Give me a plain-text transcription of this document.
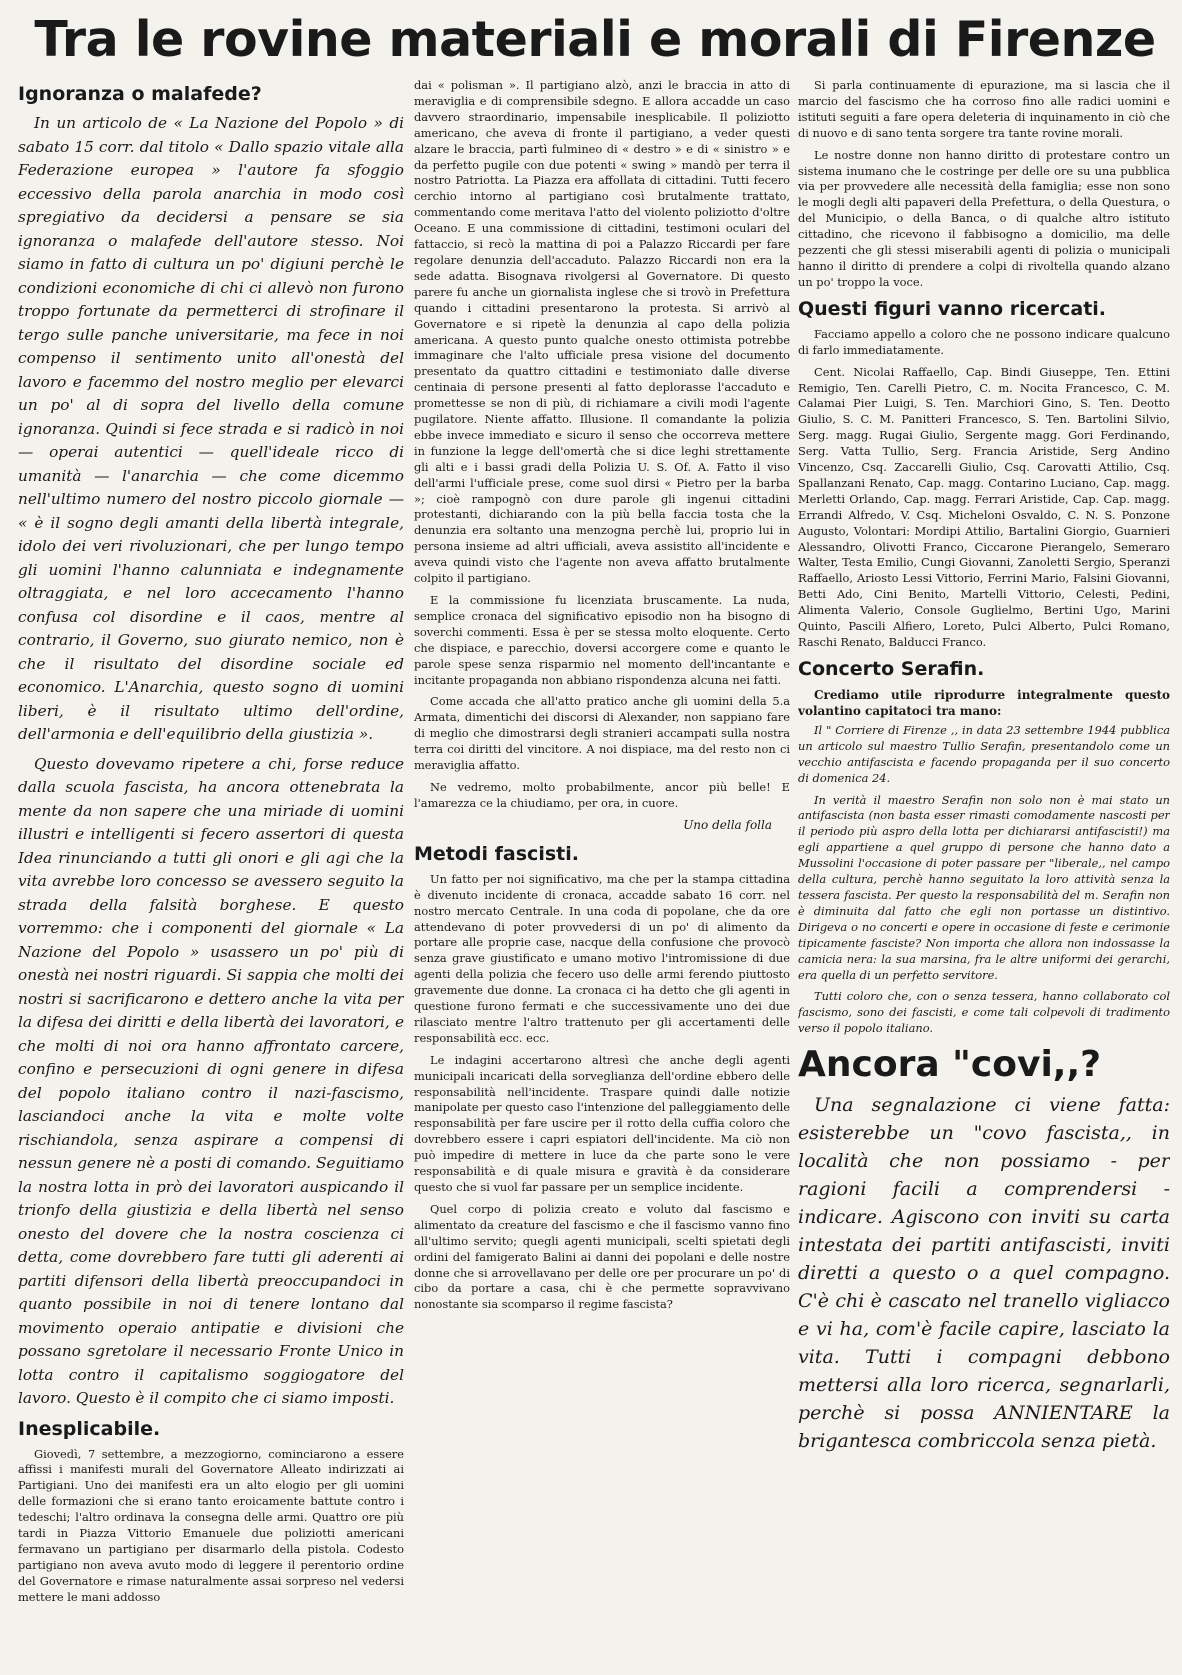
Tra le rovine materiali e morali di Firenze
Ignoranza o malafede?

In un articolo de « La Nazione del Popolo » di sabato 15 corr. dal titolo « Dallo spazio vitale alla Federazione europea » l'autore fa sfoggio eccessivo della parola anarchia in modo così spregiativo da decidersi a pensare se sia ignoranza o malafede dell'autore stesso. Noi siamo in fatto di cultura un po' digiuni perchè le condizioni economiche di chi ci allevò non furono troppo fortunate da permetterci di strofinare il tergo sulle panche universitarie, ma fece in noi compenso il sentimento unito all'onestà del lavoro e facemmo del nostro meglio per elevarci un po' al di sopra del livello della comune ignoranza. Quindi si fece strada e si radicò in noi — operai autentici — quell'ideale ricco di umanità — l'anarchia — che come dicemmo nell'ultimo numero del nostro piccolo giornale — « è il sogno degli amanti della libertà integrale, idolo dei veri rivoluzionari, che per lungo tempo gli uomini l'hanno calunniata e indegnamente oltraggiata, e nel loro accecamento l'hanno confusa col disordine e il caos, mentre al contrario, il Governo, suo giurato nemico, non è che il risultato del disordine sociale ed economico. L'Anarchia, questo sogno di uomini liberi, è il risultato ultimo dell'ordine, dell'armonia e dell'equilibrio della giustizia ».

Questo dovevamo ripetere a chi, forse reduce dalla scuola fascista, ha ancora ottenebrata la mente da non sapere che una miriade di uomini illustri e intelligenti si fecero assertori di questa Idea rinunciando a tutti gli onori e gli agi che la vita avrebbe loro concesso se avessero seguito la strada della falsità borghese. E questo vorremmo: che i componenti del giornale « La Nazione del Popolo » usassero un po' più di onestà nei nostri riguardi. Si sappia che molti dei nostri si sacrificarono e dettero anche la vita per la difesa dei diritti e della libertà dei lavoratori, e che molti di noi ora hanno affrontato carcere, confino e persecuzioni di ogni genere in difesa del popolo italiano contro il nazi-fascismo, lasciandoci anche la vita e molte volte rischiandola, senza aspirare a compensi di nessun genere nè a posti di comando. Seguitiamo la nostra lotta in prò dei lavoratori auspicando il trionfo della giustizia e della libertà nel senso onesto del dovere che la nostra coscienza ci detta, come dovrebbero fare tutti gli aderenti ai partiti difensori della libertà preoccupandoci in quanto possibile in noi di tenere lontano dal movimento operaio antipatie e divisioni che possano sgretolare il necessario Fronte Unico in lotta contro il capitalismo soggiogatore del lavoro. Questo è il compito che ci siamo imposti.

Inesplicabile.

Giovedì, 7 settembre, a mezzogiorno, cominciarono a essere affissi i manifesti murali del Governatore Alleato indirizzati ai Partigiani. Uno dei manifesti era un alto elogio per gli uomini delle formazioni che si erano tanto eroicamente battute contro i tedeschi; l'altro ordinava la consegna delle armi. Quattro ore più tardi in Piazza Vittorio Emanuele due poliziotti americani fermavano un partigiano per disarmarlo della pistola. Codesto partigiano non aveva avuto modo di leggere il perentorio ordine del Governatore e rimase naturalmente assai sorpreso nel vedersi mettere le mani addosso

dai « polisman ». Il partigiano alzò, anzi le braccia in atto di meraviglia e di comprensibile sdegno. E allora accadde un caso davvero straordinario, impensabile inesplicabile. Il poliziotto americano, che aveva di fronte il partigiano, a veder questi alzare le braccia, partì fulmineo di « destro » e di « sinistro » e da perfetto pugile con due potenti « swing » mandò per terra il nostro Patriotta. La Piazza era affollata di cittadini. Tutti fecero cerchio intorno al partigiano così brutalmente trattato, commentando come meritava l'atto del violento poliziotto d'oltre Oceano. E una commissione di cittadini, testimoni oculari del fattaccio, si recò la mattina di poi a Palazzo Riccardi per fare regolare denunzia dell'accaduto. Palazzo Riccardi non era la sede adatta. Bisognava rivolgersi al Governatore. Di questo parere fu anche un giornalista inglese che si trovò in Prefettura quando i cittadini presentarono la protesta. Si arrivò al Governatore e si ripetè la denunzia al capo della polizia americana. A questo punto qualche onesto ottimista potrebbe immaginare che l'alto ufficiale presa visione del documento presentato da quattro cittadini e testimoniato dalle diverse centinaia di persone presenti al fatto deplorasse l'accaduto e promettesse se non di più, di richiamare a civili modi l'agente pugilatore. Niente affatto. Illusione. Il comandante la polizia ebbe invece immediato e sicuro il senso che occorreva mettere in funzione la legge dell'omertà che si dice leghi strettamente gli alti e i bassi gradi della Polizia U. S. Of. A. Fatto il viso dell'armi l'ufficiale prese, come suol dirsi « Pietro per la barba »; cioè rampognò con dure parole gli ingenui cittadini protestanti, dichiarando con la più bella faccia tosta che la denunzia era soltanto una menzogna perchè lui, proprio lui in persona insieme ad altri ufficiali, aveva assistito all'incidente e aveva quindi visto che l'agente non aveva affatto brutalmente colpito il partigiano.

E la commissione fu licenziata bruscamente. La nuda, semplice cronaca del significativo episodio non ha bisogno di soverchi commenti. Essa è per se stessa molto eloquente. Certo che dispiace, e parecchio, doversi accorgere come e quanto le parole spese senza risparmio nel momento dell'incantante e incitante propaganda non abbiano rispondenza alcuna nei fatti.

Come accada che all'atto pratico anche gli uomini della 5.a Armata, dimentichi dei discorsi di Alexander, non sappiano fare di meglio che dimostrarsi degli stranieri accampati sulla nostra terra coi diritti del vincitore. A noi dispiace, ma del resto non ci meraviglia affatto.

Ne vedremo, molto probabilmente, ancor più belle! E l'amarezza ce la chiudiamo, per ora, in cuore.

Uno della folla
Metodi fascisti.

Un fatto per noi significativo, ma che per la stampa cittadina è divenuto incidente di cronaca, accadde sabato 16 corr. nel nostro mercato Centrale. In una coda di popolane, che da ore attendevano di poter provvedersi di un po' di alimento da portare alle proprie case, nacque della confusione che provocò senza grave giustificato e umano motivo l'intromissione di due agenti della polizia che fecero uso delle armi ferendo piuttosto gravemente due donne. La cronaca ci ha detto che gli agenti in questione furono fermati e che successivamente uno dei due rilasciato mentre l'altro trattenuto per gli accertamenti delle responsabilità ecc. ecc.

Le indagini accertarono altresì che anche degli agenti municipali incaricati della sorveglianza dell'ordine ebbero delle responsabilità nell'incidente. Traspare quindi dalle notizie manipolate per questo caso l'intenzione del palleggiamento delle responsabilità per fare uscire per il rotto della cuffia coloro che dovrebbero essere i capri espiatori dell'incidente. Ma ciò non può impedire di mettere in luce da che parte sono le vere responsabilità e di quale misura e gravità è da considerare questo che si vuol far passare per un semplice incidente.

Quel corpo di polizia creato e voluto dal fascismo e alimentato da creature del fascismo e che il fascismo vanno fino all'ultimo servito; quegli agenti municipali, scelti spietati degli ordini del famigerato Balini ai danni dei popolani e delle nostre donne che si arrovellavano per delle ore per procurare un po' di cibo da portare a casa, chi è che permette sopravvivano nonostante sia scomparso il regime fascista?

Si parla continuamente di epurazione, ma si lascia che il marcio del fascismo che ha corroso fino alle radici uomini e istituti seguiti a fare opera deleteria di inquinamento in ciò che di nuovo e di sano tenta sorgere tra tante rovine morali.

Le nostre donne non hanno diritto di protestare contro un sistema inumano che le costringe per delle ore su una pubblica via per provvedere alle necessità della famiglia; esse non sono le mogli degli alti papaveri della Prefettura, o della Questura, o del Municipio, o della Banca, o di qualche altro istituto cittadino, che ricevono il fabbisogno a domicilio, ma delle pezzenti che gli stessi miserabili agenti di polizia o municipali hanno il diritto di prendere a colpi di rivoltella quando alzano un po' troppo la voce.

Questi figuri vanno ricercati.

Facciamo appello a coloro che ne possono indicare qualcuno di farlo immediatamente.

Cent. Nicolai Raffaello, Cap. Bindi Giuseppe, Ten. Ettini Remigio, Ten. Carelli Pietro, C. m. Nocita Francesco, C. M. Calamai Pier Luigi, S. Ten. Marchiori Gino, S. Ten. Deotto Giulio, S. C. M. Panitteri Francesco, S. Ten. Bartolini Silvio, Serg. magg. Rugai Giulio, Sergente magg. Gori Ferdinando, Serg. Vatta Tullio, Serg. Francia Aristide, Serg Andino Vincenzo, Csq. Zaccarelli Giulio, Csq. Carovatti Attilio, Csq. Spallanzani Renato, Cap. magg. Contarino Luciano, Cap. magg. Merletti Orlando, Cap. magg. Ferrari Aristide, Cap. Cap. magg. Errandi Alfredo, V. Csq. Micheloni Osvaldo, C. N. S. Ponzone Augusto, Volontari: Mordipi Attilio, Bartalini Giorgio, Guarnieri Alessandro, Olivotti Franco, Ciccarone Pierangelo, Semeraro Walter, Testa Emilio, Cungi Giovanni, Zanoletti Sergio, Speranzi Raffaello, Ariosto Lessi Vittorio, Ferrini Mario, Falsini Giovanni, Betti Ado, Cini Benito, Martelli Vittorio, Celesti, Pedini, Alimenta Valerio, Console Guglielmo, Bertini Ugo, Marini Quinto, Pascili Alfiero, Loreto, Pulci Alberto, Pulci Romano, Raschi Renato, Balducci Franco.

Concerto Serafin.

Crediamo utile riprodurre integralmente questo volantino capitatoci tra mano:

Il " Corriere di Firenze ,, in data 23 settembre 1944 pubblica un articolo sul maestro Tullio Serafin, presentandolo come un vecchio antifascista e facendo propaganda per il suo concerto di domenica 24.

In verità il maestro Serafin non solo non è mai stato un antifascista (non basta esser rimasti comodamente nascosti per il periodo più aspro della lotta per dichiararsi antifascisti!) ma egli appartiene a quel gruppo di persone che hanno dato a Mussolini l'occasione di poter passare per "liberale,, nel campo della cultura, perchè hanno seguitato la loro attività senza la tessera fascista. Per questo la responsabilità del m. Serafin non è diminuita dal fatto che egli non portasse un distintivo. Dirigeva o no concerti e opere in occasione di feste e cerimonie tipicamente fasciste? Non importa che allora non indossasse la camicia nera: la sua marsina, fra le altre uniformi dei gerarchi, era quella di un perfetto servitore.

Tutti coloro che, con o senza tessera, hanno collaborato col fascismo, sono dei fascisti, e come tali colpevoli di tradimento verso il popolo italiano.

Ancora "covi,,?

Una segnalazione ci viene fatta: esisterebbe un "covo fascista,, in località che non possiamo - per ragioni facili a comprendersi - indicare. Agiscono con inviti su carta intestata dei partiti antifascisti, inviti diretti a questo o a quel compagno. C'è chi è cascato nel tranello vigliacco e vi ha, com'è facile capire, lasciato la vita. Tutti i compagni debbono mettersi alla loro ricerca, segnarlarli, perchè si possa ANNIENTARE la brigantesca combriccola senza pietà.
